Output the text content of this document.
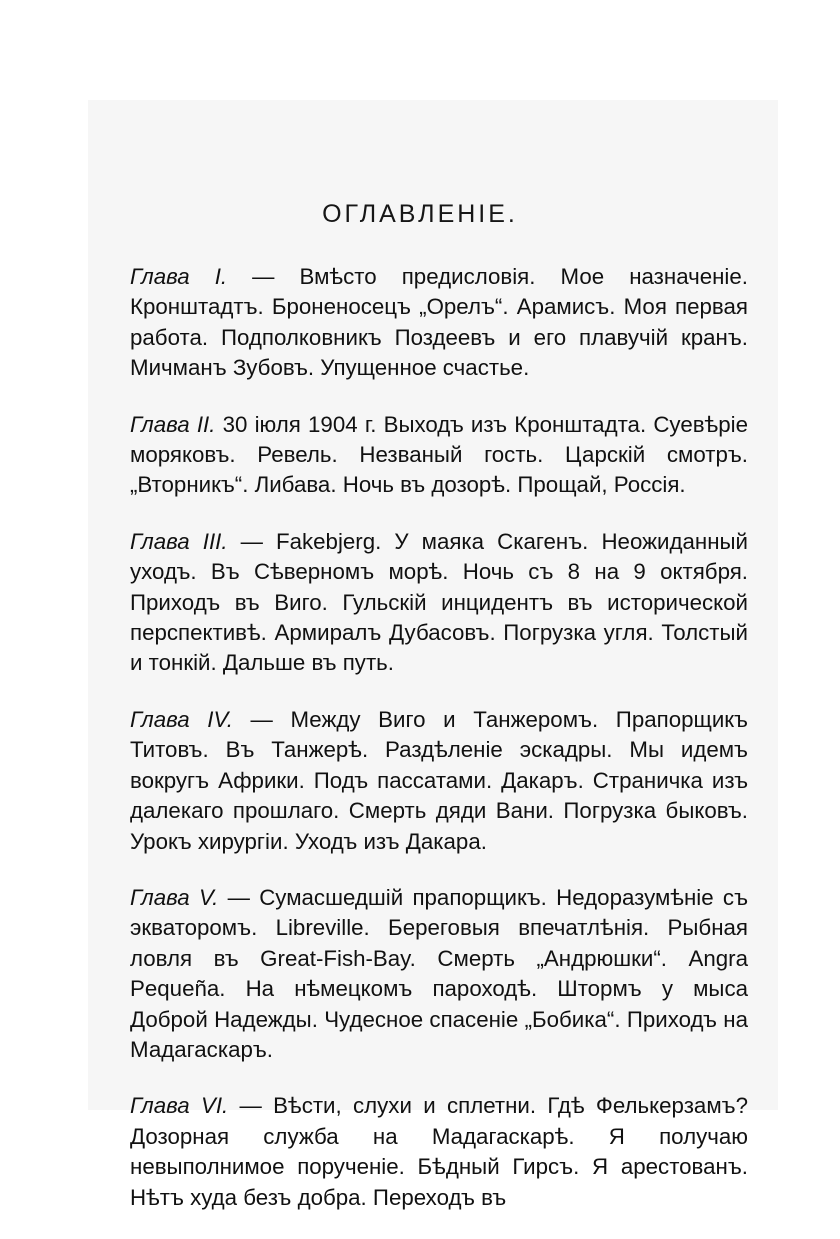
ОГЛАВЛЕНІЕ.

Глава I. — Вмѣсто предисловія. Мое назначеніе. Кронштадтъ. Броненосецъ „Орелъ“. Арамисъ. Моя первая работа. Подполковникъ Поздеевъ и его плавучій кранъ. Мичманъ Зубовъ. Упущенное счастье.

Глава II. 30 іюля 1904 г. Выходъ изъ Кронштадта. Суевѣріе моряковъ. Ревель. Незваный гость. Царскій смотръ. „Вторникъ“. Либава. Ночь въ дозорѣ. Прощай, Россія.

Глава III. — Fakebjerg. У маяка Скагенъ. Неожиданный уходъ. Въ Сѣверномъ морѣ. Ночь съ 8 на 9 октября. Приходъ въ Виго. Гульскій инцидентъ въ исторической перспективѣ. Армиралъ Дубасовъ. Погрузка угля. Толстый и тонкій. Дальше въ путь.

Глава IV. — Между Виго и Танжеромъ. Прапорщикъ Титовъ. Въ Танжерѣ. Раздѣленіе эскадры. Мы идемъ вокругъ Африки. Подъ пассатами. Дакаръ. Страничка изъ далекаго прошлаго. Смерть дяди Вани. Погрузка быковъ. Урокъ хирургіи. Уходъ изъ Дакара.

Глава V. — Сумасшедшій прапорщикъ. Недоразумѣніе съ экваторомъ. Libreville. Береговыя впечатлѣнія. Рыбная ловля въ Great-Fish-Bay. Смерть „Андрюшки“. Angra Pequeña. На нѣмецкомъ пароходѣ. Штормъ у мыса Доброй Надежды. Чудесное спасеніе „Бобика“. Приходъ на Мадагаскаръ.

Глава VI. — Вѣсти, слухи и сплетни. Гдѣ Фелькерзамъ? Дозорная служба на Мадагаскарѣ. Я получаю невыполнимое порученіе. Бѣдный Гирсъ. Я арестованъ. Нѣтъ худа безъ добра. Переходъ въ
